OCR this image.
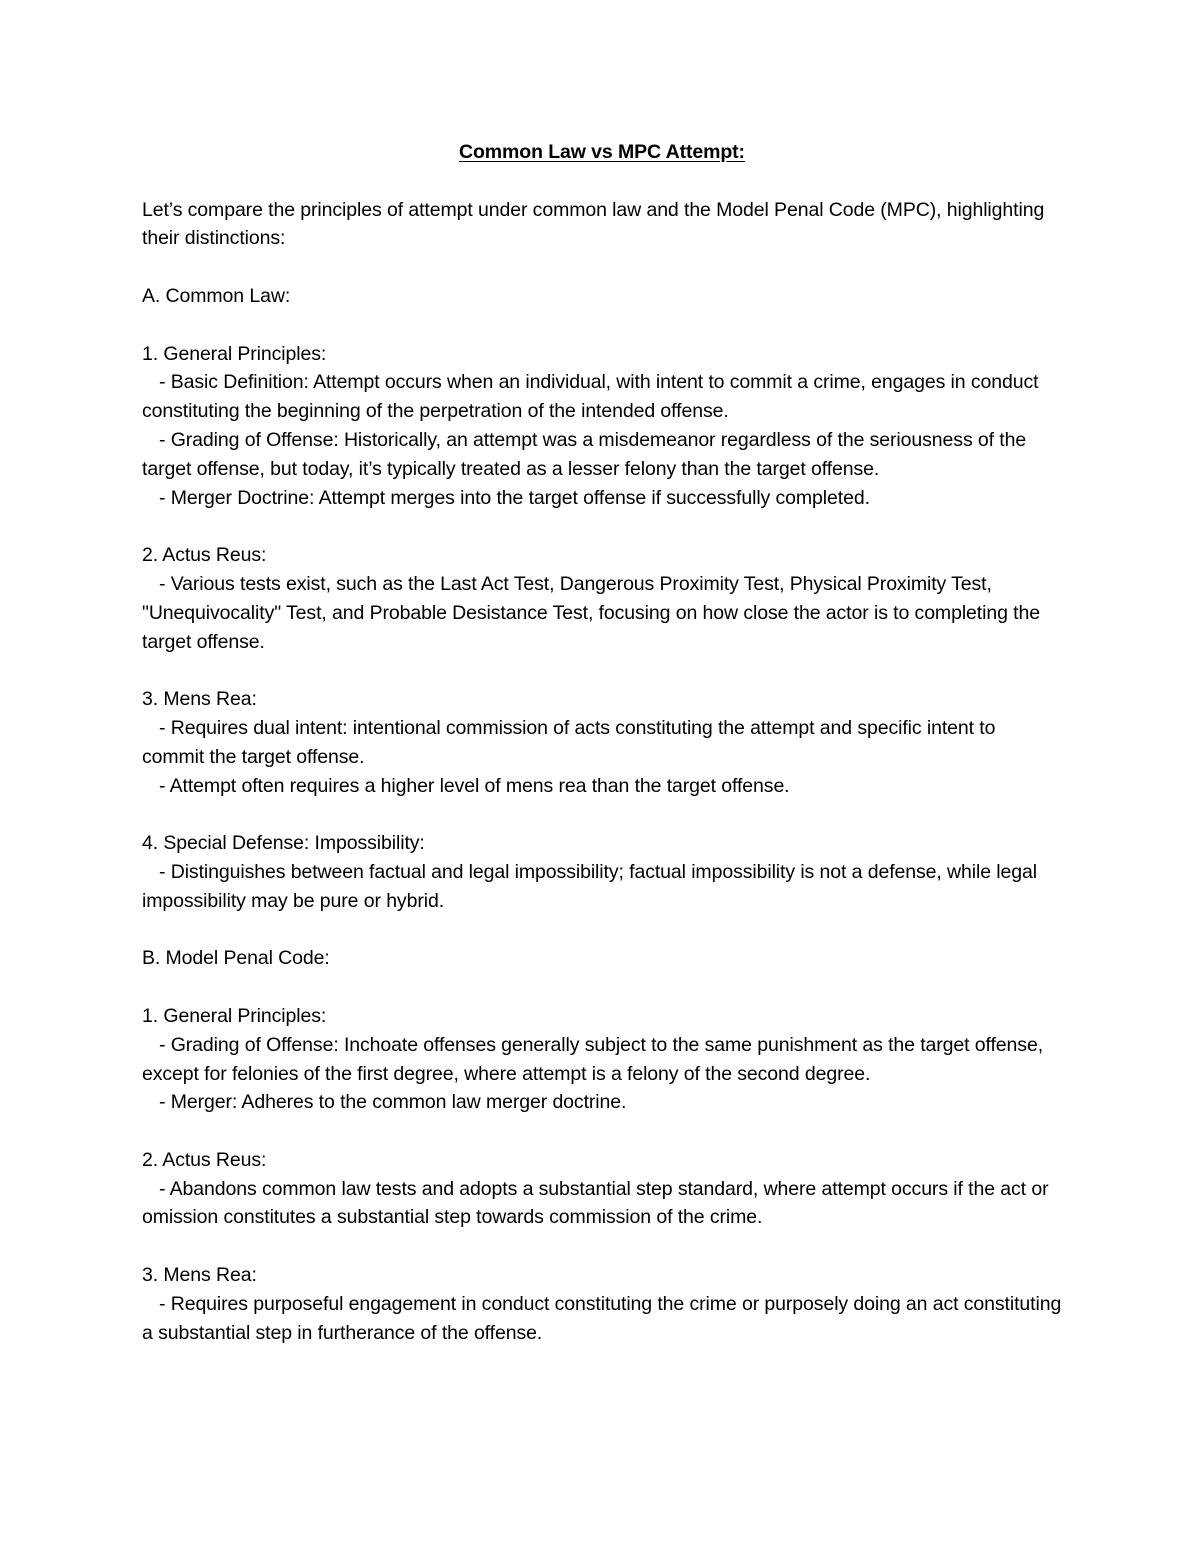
Common Law vs MPC Attempt:
Let’s compare the principles of attempt under common law and the Model Penal Code (MPC), highlighting their distinctions:
A. Common Law:
1. General Principles:
- Basic Definition: Attempt occurs when an individual, with intent to commit a crime, engages in conduct constituting the beginning of the perpetration of the intended offense.
- Grading of Offense: Historically, an attempt was a misdemeanor regardless of the seriousness of the target offense, but today, it’s typically treated as a lesser felony than the target offense.
- Merger Doctrine: Attempt merges into the target offense if successfully completed.
2. Actus Reus:
- Various tests exist, such as the Last Act Test, Dangerous Proximity Test, Physical Proximity Test, "Unequivocality" Test, and Probable Desistance Test, focusing on how close the actor is to completing the target offense.
3. Mens Rea:
- Requires dual intent: intentional commission of acts constituting the attempt and specific intent to commit the target offense.
- Attempt often requires a higher level of mens rea than the target offense.
4. Special Defense: Impossibility:
- Distinguishes between factual and legal impossibility; factual impossibility is not a defense, while legal impossibility may be pure or hybrid.
B. Model Penal Code:
1. General Principles:
- Grading of Offense: Inchoate offenses generally subject to the same punishment as the target offense, except for felonies of the first degree, where attempt is a felony of the second degree.
- Merger: Adheres to the common law merger doctrine.
2. Actus Reus:
- Abandons common law tests and adopts a substantial step standard, where attempt occurs if the act or omission constitutes a substantial step towards commission of the crime.
3. Mens Rea:
- Requires purposeful engagement in conduct constituting the crime or purposely doing an act constituting a substantial step in furtherance of the offense.
